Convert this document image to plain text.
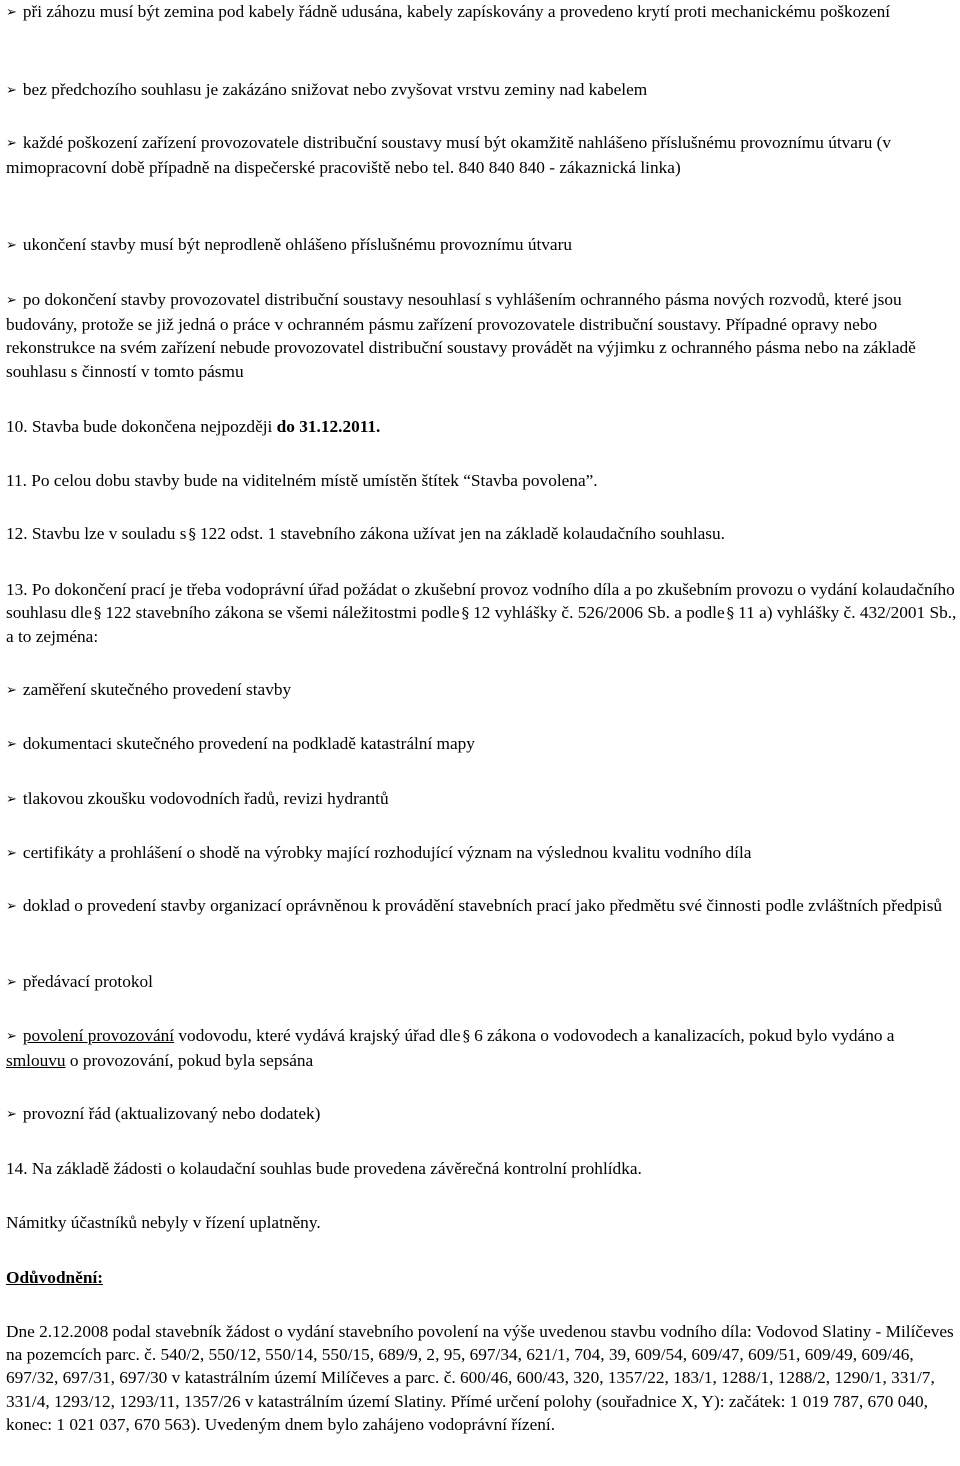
➢ při záhozu musí být zemina pod kabely řádně udusána, kabely zapískovány a provedeno krytí proti mechanickému poškození
➢ bez předchozího souhlasu je zakázáno snižovat nebo zvyšovat vrstvu zeminy nad kabelem
➢ každé poškození zařízení provozovatele distribuční soustavy musí být okamžitě nahlášeno příslušnému provoznímu útvaru (v mimopracovní době případně na dispečerské pracoviště nebo tel. 840 840 840 - zákaznická linka)
➢ ukončení stavby musí být neprodleně ohlášeno příslušnému provoznímu útvaru
➢ po dokončení stavby provozovatel distribuční soustavy nesouhlasí s vyhlášením ochranného pásma nových rozvodů, které jsou budovány, protože se již jedná o práce v ochranném pásmu zařízení provozovatele distribuční soustavy. Případné opravy nebo rekonstrukce na svém zařízení nebude provozovatel distribuční soustavy provádět na výjimku z ochranného pásma nebo na základě souhlasu s činností v tomto pásmu
10. Stavba bude dokončena nejpozději do 31.12.2011.
11. Po celou dobu stavby bude na viditelném místě umístěn štítek “Stavba povolena”.
12. Stavbu lze v souladu s § 122 odst. 1 stavebního zákona užívat jen na základě kolaudačního souhlasu.
13. Po dokončení prací je třeba vodoprávní úřad požádat o zkušební provoz vodního díla a po zkušebním provozu o vydání kolaudačního souhlasu dle § 122 stavebního zákona se všemi náležitostmi podle § 12 vyhlášky č. 526/2006 Sb. a podle § 11 a) vyhlášky č. 432/2001 Sb., a to zejména:
➢ zaměření skutečného provedení stavby
➢ dokumentaci skutečného provedení na podkladě katastrální mapy
➢ tlakovou zkoušku vodovodních řadů, revizi hydrantů
➢ certifikáty a prohlášení o shodě na výrobky mající rozhodující význam na výslednou kvalitu vodního díla
➢ doklad o provedení stavby organizací oprávněnou k provádění stavebních prací jako předmětu své činnosti podle zvláštních předpisů
➢ předávací protokol
➢ povolení provozování vodovodu, které vydává krajský úřad dle § 6 zákona o vodovodech a kanalizacích, pokud bylo vydáno a smlouvu o provozování, pokud byla sepsána
➢ provozní řád (aktualizovaný nebo dodatek)
14. Na základě žádosti o kolaudační souhlas bude provedena závěrečná kontrolní prohlídka.
Námitky účastníků nebyly v řízení uplatněny.
Odůvodnění:
Dne 2.12.2008 podal stavebník žádost o vydání stavebního povolení na výše uvedenou stavbu vodního díla: Vodovod Slatiny - Milíčeves na pozemcích parc. č. 540/2, 550/12, 550/14, 550/15, 689/9, 2, 95, 697/34, 621/1, 704, 39, 609/54, 609/47, 609/51, 609/49, 609/46, 697/32, 697/31, 697/30 v katastrálním území Milíčeves a parc. č. 600/46, 600/43, 320, 1357/22, 183/1, 1288/1, 1288/2, 1290/1, 331/7, 331/4, 1293/12, 1293/11, 1357/26 v katastrálním území Slatiny. Přímé určení polohy (souřadnice X, Y): začátek: 1 019 787, 670 040, konec: 1 021 037, 670 563). Uvedeným dnem bylo zahájeno vodoprávní řízení.
